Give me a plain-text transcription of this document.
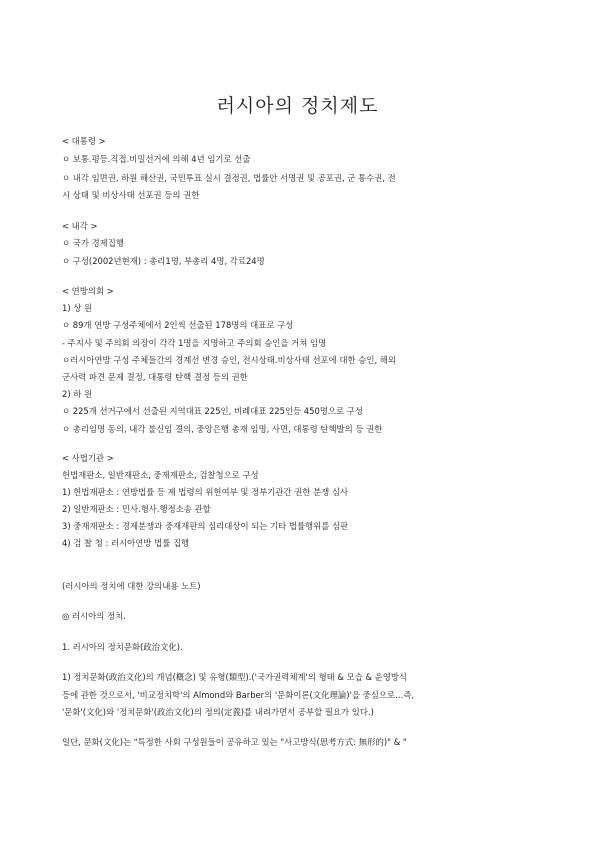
러시아의 정치제도
< 대통령 >
ㅇ 보통.평등.직접.비밀선거에 의해 4년 임기로 선출
ㅇ 내각 임면권, 하원 해산권, 국민투표 실시 결정권, 법률안 서명권 및 공포권, 군 통수권, 전
시 상태 및 비상사태 선포권 등의 권한
< 내각 >
ㅇ 국가 경제집행
ㅇ 구성(2002년현재) : 총리1명, 부총리 4명, 각료24명
< 연방의회 >
1) 상 원
ㅇ 89개 연방 구성주체에서 2인씩 선출된 178명의 대표로 구성
- 주지사 및 주의회 의장이 각각 1명을 지명하고 주의회 승인을 거쳐 임명
ㅇ러시아연방 구성 주체들간의 경계선 변경 승인, 전시상태.비상사태 선포에 대한 승인, 해외
군사력 파견 문제 결정, 대통령 탄핵 결정 등의 권한
2) 하 원
ㅇ 225개 선거구에서 선출된 지역대표 225인, 비례대표 225인등 450명으로 구성
ㅇ 총리임명 동의, 내각 불신임 결의, 중앙은행 총재 임명, 사면, 대통령 탄핵발의 등 권한
< 사법기관 >
헌법재판소, 일반재판소, 중재재판소, 검찰청으로 구성
1) 헌법재판소 : 연방법률 등 제 법령의 위헌여부 및 정부기관간 권한 분쟁 심사
2) 일반재판소 : 민사.형사.행정소송 관할
3) 중재재판소 : 경제분쟁과 중재재판의 심리대상이 되는 기타 법률행위를 심판
4) 검 찰 청 : 러시아연방 법률 집행
(러시아의 정치에 대한 강의내용 노트)
◎ 러시아의 정치.
1. 러시아의 정치문화(政治文化).
1) 정치문화(政治文化)의 개념(槪念) 및 유형(類型).('국가권력체계'의 형태 & 모습 & 운영방식
등에 관한 것으로서, '비교정치학'의 Almond와 Barber의 '문화이론(文化理論)'을 중심으로…즉,
'문화'(文化)와 '정치문화'(政治文化)의 정의(定義)를 내려가면서 공부할 필요가 있다.)
일단, 문화(文化)는 "특정한 사회 구성원들이 공유하고 있는 "사고방식(思考方式: 無形的)" & "
